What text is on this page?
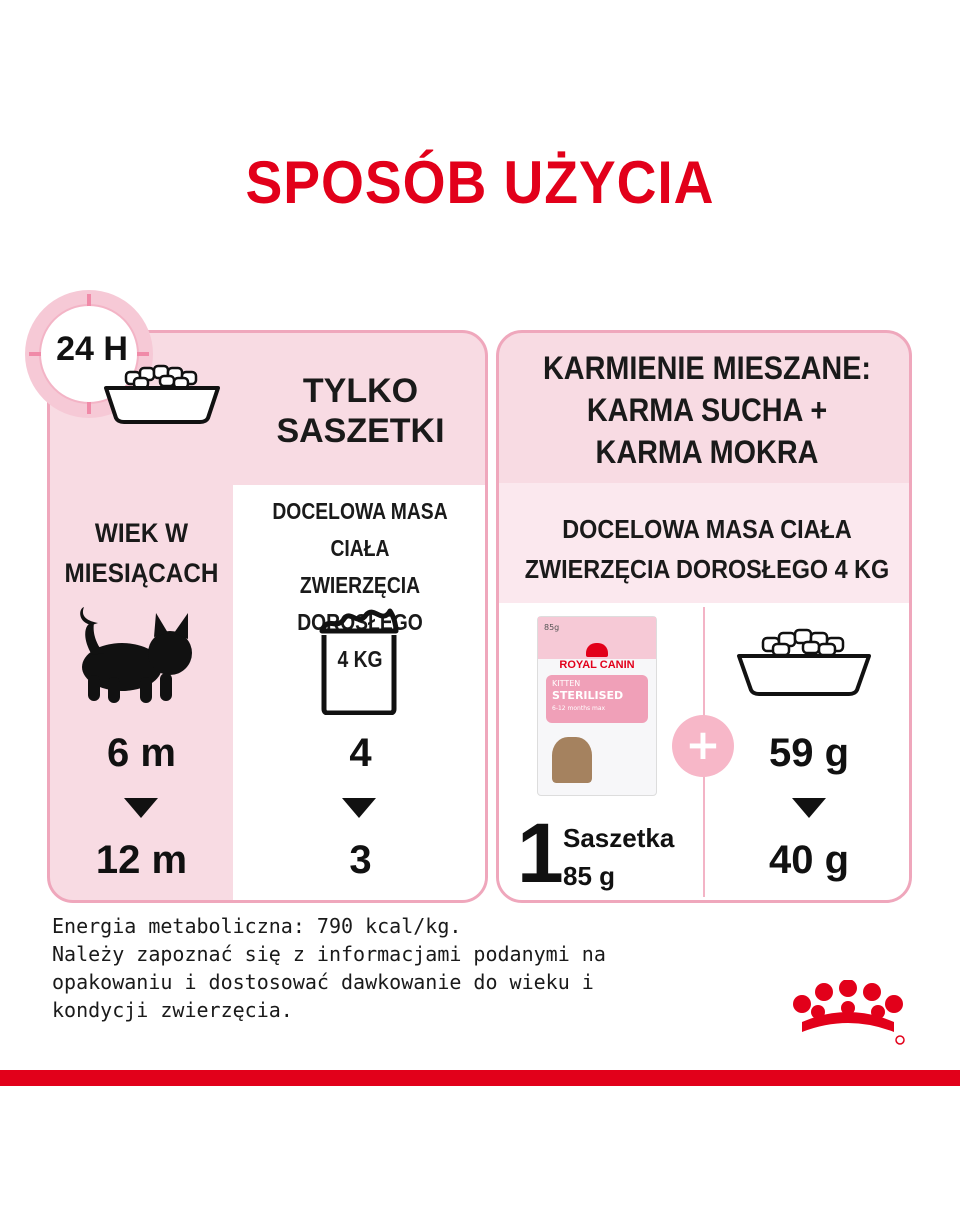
SPOSÓB UŻYCIA
TYLKO
SASZETKI
WIEK W
MIESIĄCACH
DOCELOWA MASA CIAŁA
ZWIERZĘCIA DOROSŁEGO
4 KG
6 m
12 m
4
3
24 H	KARMIENIE MIESZANE:
KARMA SUCHA +
KARMA MOKRA
DOCELOWA MASA CIAŁA
ZWIERZĘCIA DOROSŁEGO 4 KG
85g
ROYAL CANIN
KITTEN
STERILISED
6-12 months max
1 Saszetka
85 g
59 g
40 g
+
Energia metaboliczna: 790 kcal/kg.
Należy zapoznać się z informacjami podanymi na
opakowaniu i dostosować dawkowanie do wieku i
kondycji zwierzęcia.
